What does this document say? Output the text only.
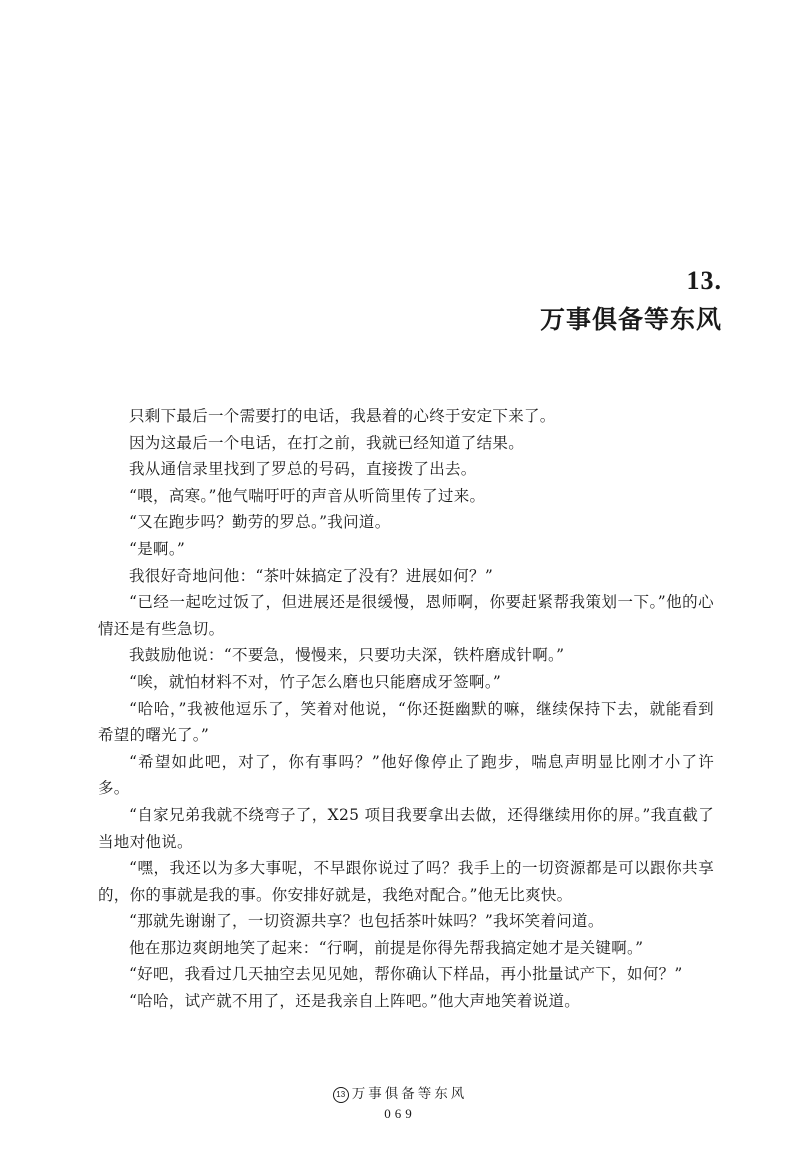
13.
万事俱备等东风

只剩下最后一个需要打的电话，我悬着的心终于安定下来了。

因为这最后一个电话，在打之前，我就已经知道了结果。

我从通信录里找到了罗总的号码，直接拨了出去。

“喂，高寒。”他气喘吁吁的声音从听筒里传了过来。

“又在跑步吗？勤劳的罗总。”我问道。

“是啊。”

我很好奇地问他：“茶叶妹搞定了没有？进展如何？”

“已经一起吃过饭了，但进展还是很缓慢，恩师啊，你要赶紧帮我策划一下。”他的心情还是有些急切。

我鼓励他说：“不要急，慢慢来，只要功夫深，铁杵磨成针啊。”

“唉，就怕材料不对，竹子怎么磨也只能磨成牙签啊。”

“哈哈，”我被他逗乐了，笑着对他说，“你还挺幽默的嘛，继续保持下去，就能看到希望的曙光了。”

“希望如此吧，对了，你有事吗？”他好像停止了跑步，喘息声明显比刚才小了许多。

“自家兄弟我就不绕弯子了，X25 项目我要拿出去做，还得继续用你的屏。”我直截了当地对他说。

“嘿，我还以为多大事呢，不早跟你说过了吗？我手上的一切资源都是可以跟你共享的，你的事就是我的事。你安排好就是，我绝对配合。”他无比爽快。

“那就先谢谢了，一切资源共享？也包括茶叶妹吗？”我坏笑着问道。

他在那边爽朗地笑了起来：“行啊，前提是你得先帮我搞定她才是关键啊。”

“好吧，我看过几天抽空去见见她，帮你确认下样品，再小批量试产下，如何？”

“哈哈，试产就不用了，还是我亲自上阵吧。”他大声地笑着说道。

13 万事俱备等东风
069
